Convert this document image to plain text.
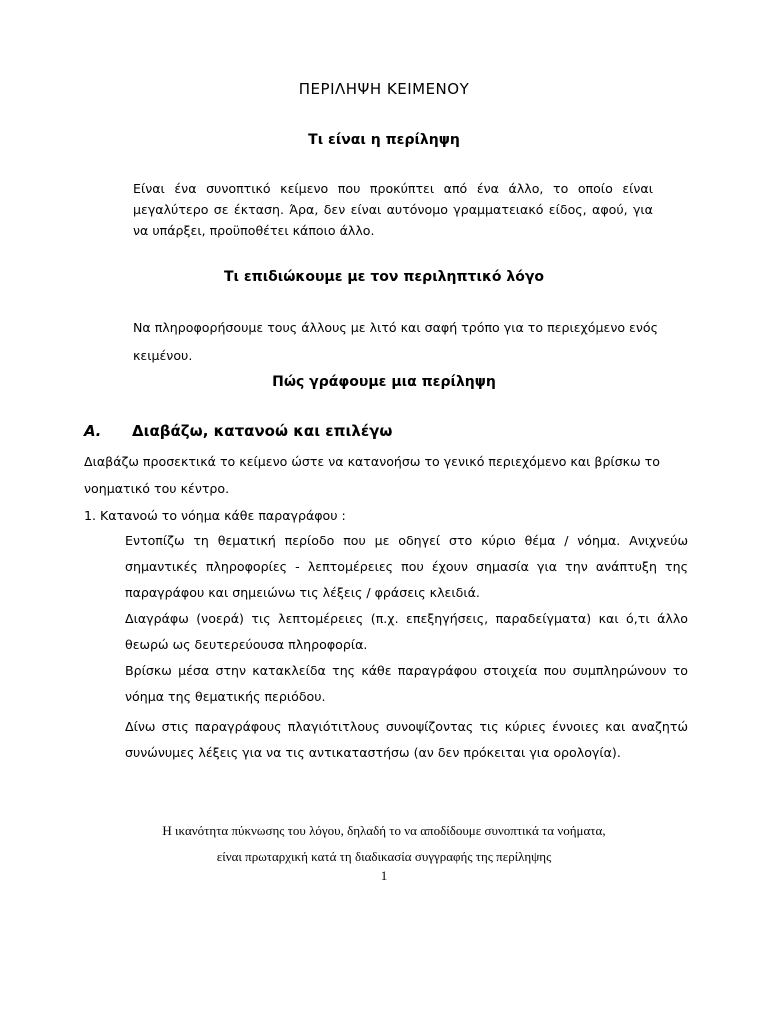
ΠΕΡΙΛΗΨΗ ΚΕΙΜΕΝΟΥ
Τι είναι η περίληψη
Είναι ένα συνοπτικό κείμενο που προκύπτει από ένα άλλο, το οποίο είναι μεγαλύτερο σε έκταση. Άρα, δεν είναι αυτόνομο γραμματειακό είδος, αφού, για να υπάρξει, προϋποθέτει κάποιο άλλο.
Τι επιδιώκουμε με τον περιληπτικό λόγο
Να πληροφορήσουμε τους άλλους με λιτό και σαφή τρόπο για το περιεχόμενο ενός κειμένου.
Πώς γράφουμε μια περίληψη
Α. Διαβάζω, κατανοώ και επιλέγω
Διαβάζω προσεκτικά το κείμενο ώστε να κατανοήσω το γενικό περιεχόμενο και βρίσκω το
νοηματικό του κέντρο.
1. Κατανοώ το νόημα κάθε παραγράφου :
Εντοπίζω τη θεματική περίοδο που με οδηγεί στο κύριο θέμα / νόημα. Ανιχνεύω σημαντικές πληροφορίες - λεπτομέρειες που έχουν σημασία για την ανάπτυξη της παραγράφου και σημειώνω τις λέξεις / φράσεις κλειδιά.
Διαγράφω (νοερά) τις λεπτομέρειες (π.χ. επεξηγήσεις, παραδείγματα) και ό,τι άλλο θεωρώ ως δευτερεύουσα πληροφορία.
Βρίσκω μέσα στην κατακλείδα της κάθε παραγράφου στοιχεία που συμπληρώνουν το νόημα της θεματικής περιόδου.
Δίνω στις παραγράφους πλαγιότιτλους συνοψίζοντας τις κύριες έννοιες και αναζητώ συνώνυμες λέξεις για να τις αντικαταστήσω (αν δεν πρόκειται για ορολογία).
Η ικανότητα πύκνωσης του λόγου, δηλαδή το να αποδίδουμε συνοπτικά τα νοήματα,
είναι πρωταρχική κατά τη διαδικασία συγγραφής της περίληψης
1
